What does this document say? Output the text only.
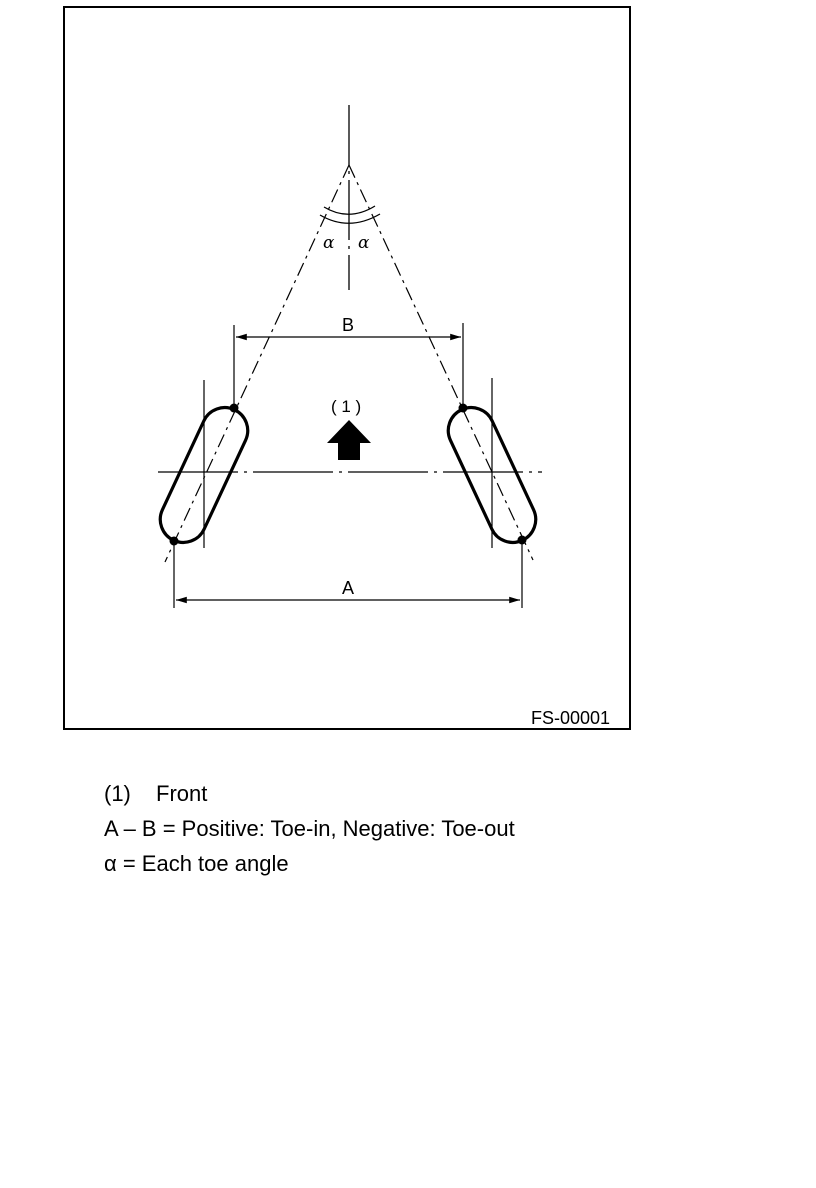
α α
B
A
( 1 )
FS-00001
(1) Front
A – B = Positive: Toe-in, Negative: Toe-out
α = Each toe angle
